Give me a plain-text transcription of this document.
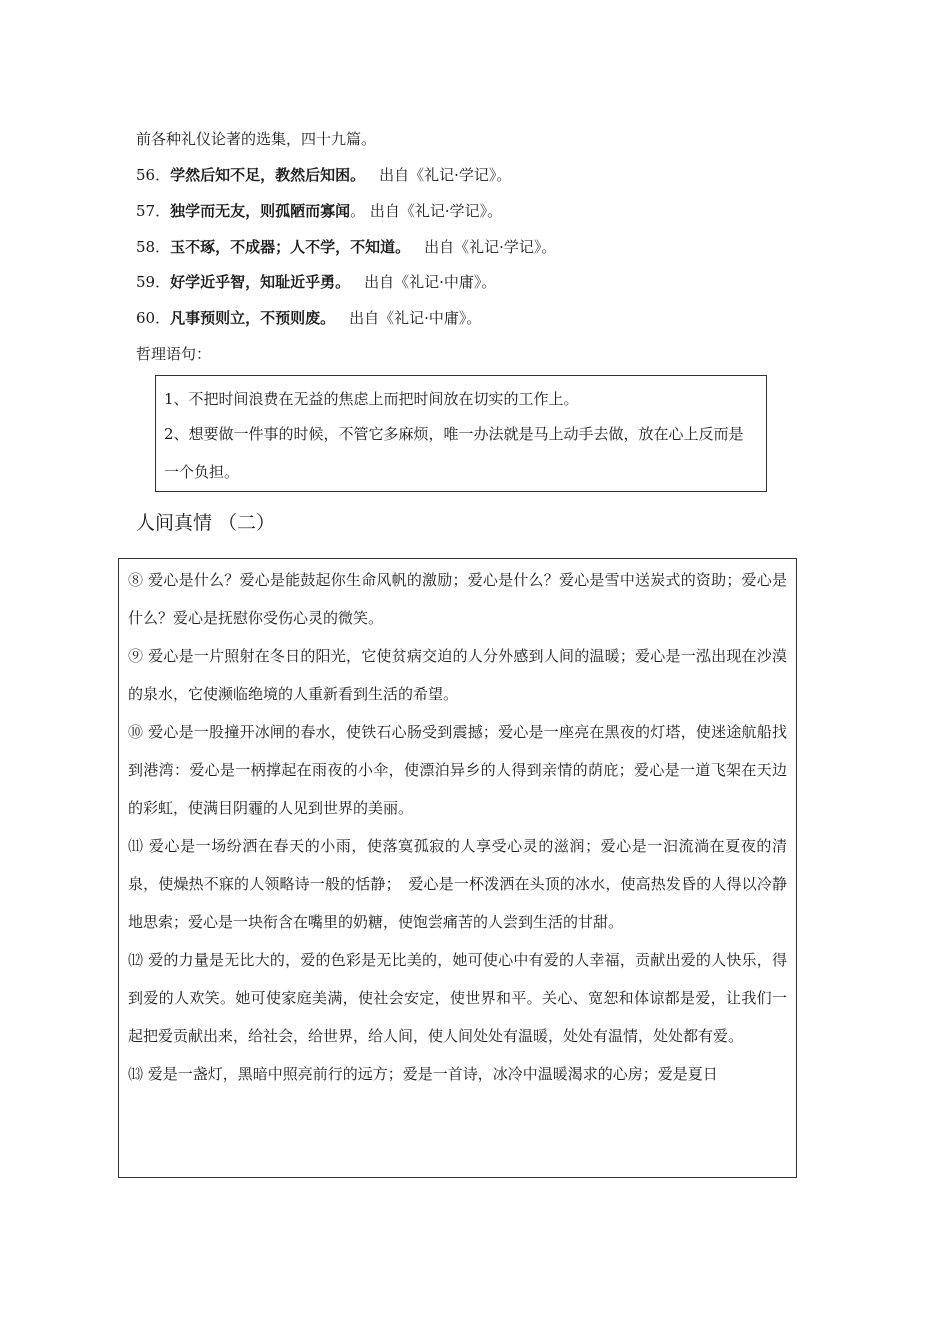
前各种礼仪论著的选集，四十九篇。
56．学然后知不足，教然后知困。 出自《礼记·学记》。
57．独学而无友，则孤陋而寡闻。 出自《礼记·学记》。
58．玉不琢，不成器；人不学，不知道。 出自《礼记·学记》。
59．好学近乎智，知耻近乎勇。 出自《礼记·中庸》。
60．凡事预则立，不预则废。 出自《礼记·中庸》。
哲理语句：
1、不把时间浪费在无益的焦虑上而把时间放在切实的工作上。
2、想要做一件事的时候，不管它多麻烦，唯一办法就是马上动手去做，放在心上反而是一个负担。
人间真情 （二）
⑧ 爱心是什么？爱心是能鼓起你生命风帆的激励；爱心是什么？爱心是雪中送炭式的资助；爱心是什么？爱心是抚慰你受伤心灵的微笑。
⑨ 爱心是一片照射在冬日的阳光，它使贫病交迫的人分外感到人间的温暖；爱心是一泓出现在沙漠的泉水，它使濒临绝境的人重新看到生活的希望。
⑩ 爱心是一股撞开冰闸的春水，使铁石心肠受到震撼；爱心是一座亮在黑夜的灯塔，使迷途航船找到港湾：爱心是一柄撑起在雨夜的小伞，使漂泊异乡的人得到亲情的荫庇；爱心是一道飞架在天边的彩虹，使满目阴霾的人见到世界的美丽。
⑾ 爱心是一场纷洒在春天的小雨，使落寞孤寂的人享受心灵的滋润；爱心是一汩流淌在夏夜的清泉，使燥热不寐的人领略诗一般的恬静；　爱心是一杯泼洒在头顶的冰水，使高热发昏的人得以冷静地思索；爱心是一块衔含在嘴里的奶糖，使饱尝痛苦的人尝到生活的甘甜。
⑿ 爱的力量是无比大的，爱的色彩是无比美的，她可使心中有爱的人幸福，贡献出爱的人快乐，得到爱的人欢笑。她可使家庭美满，使社会安定，使世界和平。关心、宽恕和体谅都是爱，让我们一起把爱贡献出来，给社会，给世界，给人间，使人间处处有温暖，处处有温情，处处都有爱。
⒀ 爱是一盏灯，黑暗中照亮前行的远方；爱是一首诗，冰冷中温暖渴求的心房；爱是夏日
